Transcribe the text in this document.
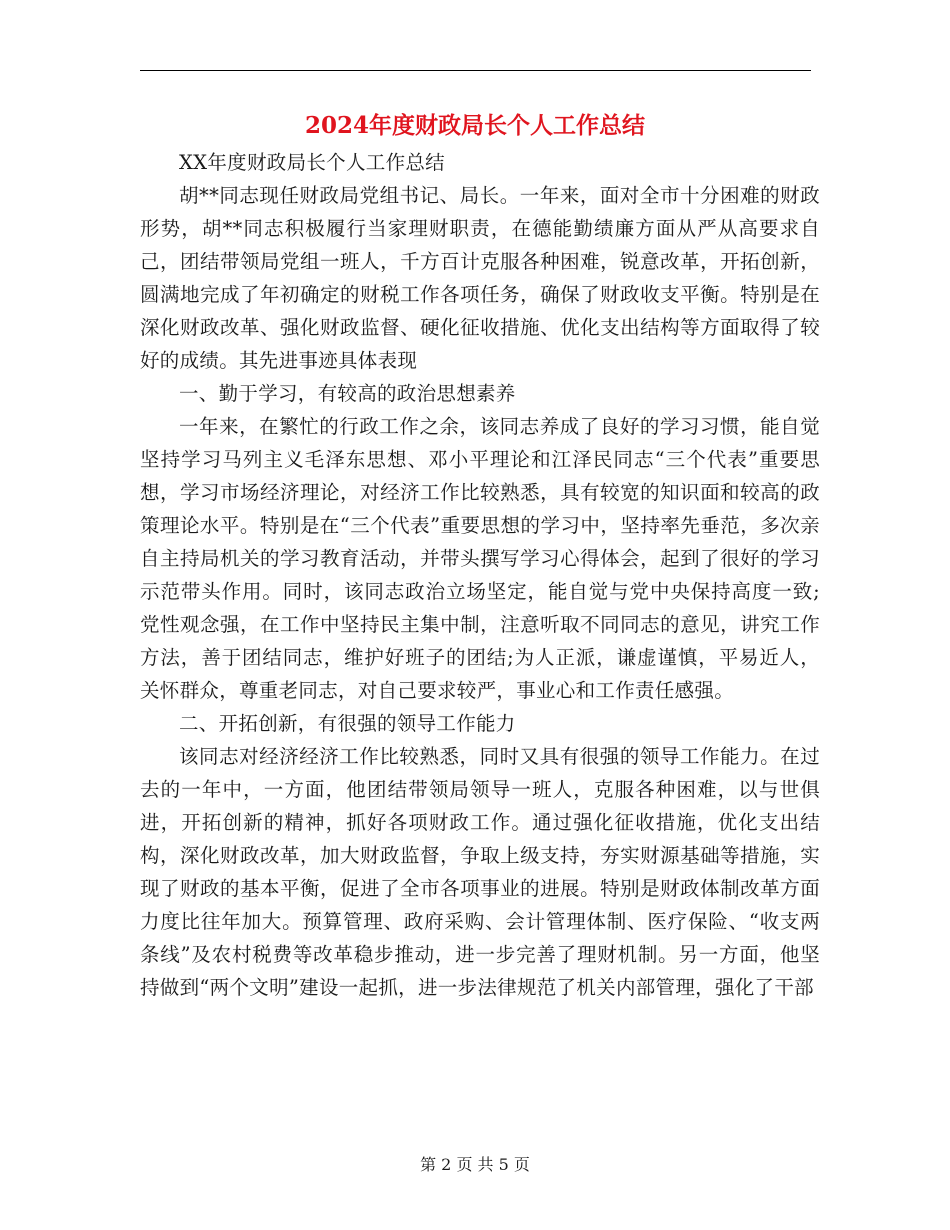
2024年度财政局长个人工作总结

XX年度财政局长个人工作总结

胡**同志现任财政局党组书记、局长。一年来，面对全市十分困难的财政形势，胡**同志积极履行当家理财职责，在德能勤绩廉方面从严从高要求自己，团结带领局党组一班人，千方百计克服各种困难，锐意改革，开拓创新，圆满地完成了年初确定的财税工作各项任务，确保了财政收支平衡。特别是在深化财政改革、强化财政监督、硬化征收措施、优化支出结构等方面取得了较好的成绩。其先进事迹具体表现

一、勤于学习，有较高的政治思想素养

一年来，在繁忙的行政工作之余，该同志养成了良好的学习习惯，能自觉坚持学习马列主义毛泽东思想、邓小平理论和江泽民同志“三个代表”重要思想，学习市场经济理论，对经济工作比较熟悉，具有较宽的知识面和较高的政策理论水平。特别是在“三个代表”重要思想的学习中，坚持率先垂范，多次亲自主持局机关的学习教育活动，并带头撰写学习心得体会，起到了很好的学习示范带头作用。同时，该同志政治立场坚定，能自觉与党中央保持高度一致;党性观念强，在工作中坚持民主集中制，注意听取不同同志的意见，讲究工作方法，善于团结同志，维护好班子的团结;为人正派，谦虚谨慎，平易近人，关怀群众，尊重老同志，对自己要求较严，事业心和工作责任感强。

二、开拓创新，有很强的领导工作能力

该同志对经济经济工作比较熟悉，同时又具有很强的领导工作能力。在过去的一年中，一方面，他团结带领局领导一班人，克服各种困难，以与世俱进，开拓创新的精神，抓好各项财政工作。通过强化征收措施，优化支出结构，深化财政改革，加大财政监督，争取上级支持，夯实财源基础等措施，实现了财政的基本平衡，促进了全市各项事业的进展。特别是财政体制改革方面力度比往年加大。预算管理、政府采购、会计管理体制、医疗保险、“收支两条线”及农村税费等改革稳步推动，进一步完善了理财机制。另一方面，他坚持做到“两个文明”建设一起抓，进一步法律规范了机关内部管理，强化了干部

第 2 页 共 5 页
